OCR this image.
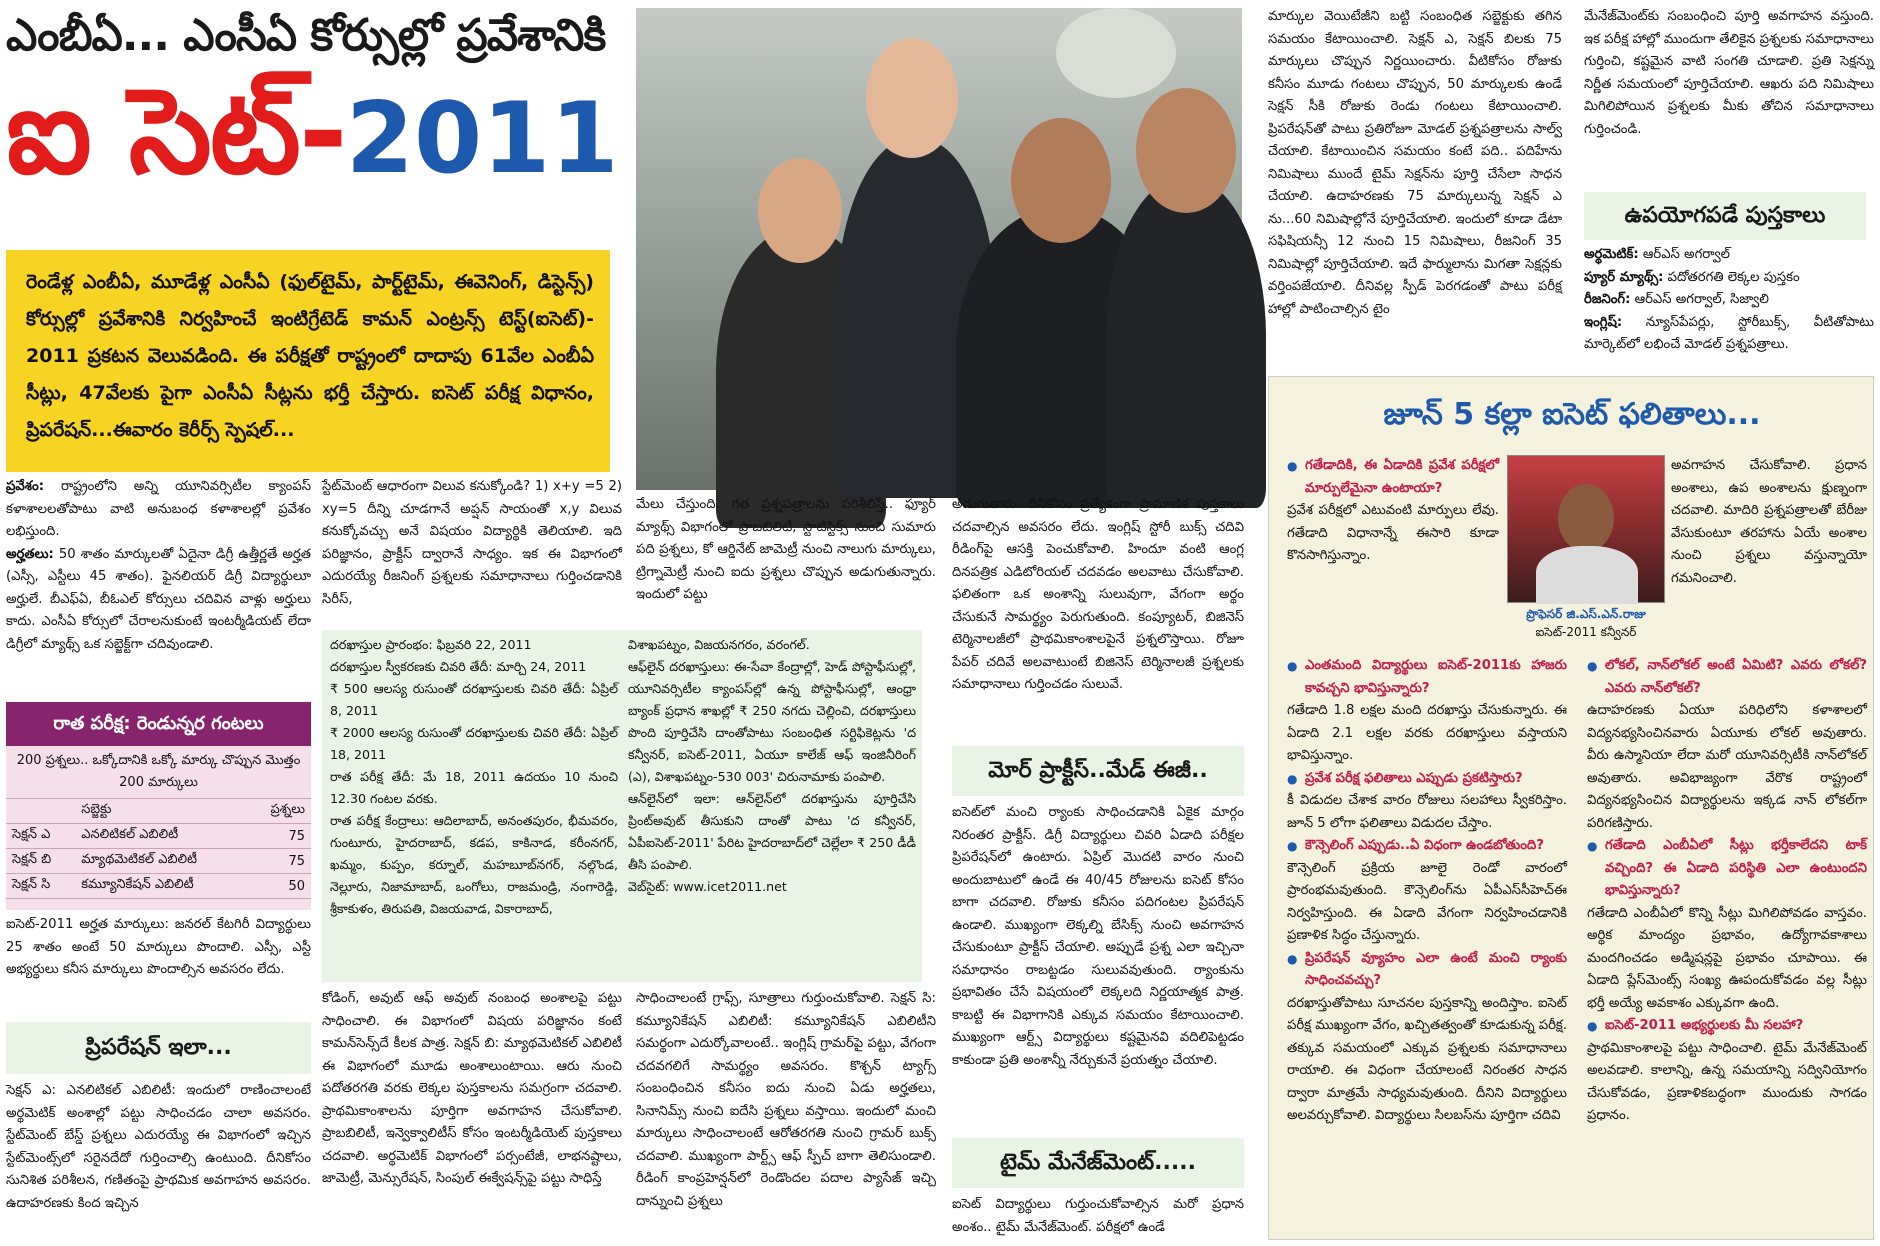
ఎంబీఏ... ఎంసీఏ కోర్సుల్లో ప్రవేశానికి
ఐ సెట్-2011
రెండేళ్ల ఎంబీఏ, మూడేళ్ల ఎంసీఏ (ఫుల్‌టైమ్, పార్ట్‌టైమ్, ఈవెనింగ్, డిస్టెన్స్) కోర్సుల్లో ప్రవేశానికి నిర్వహించే ఇంటిగ్రేటెడ్ కామన్ ఎంట్రన్స్ టెస్ట్(ఐసెట్)- 2011 ప్రకటన వెలువడింది. ఈ పరీక్షతో రాష్ట్రంలో దాదాపు 61వేల ఎంబీఏ సీట్లు, 47వేలకు పైగా ఎంసీఏ సీట్లను భర్తీ చేస్తారు. ఐసెట్ పరీక్ష విధానం, ప్రిపరేషన్...ఈవారం కెరీర్స్ స్పెషల్...

ప్రవేశం: రాష్ట్రంలోని అన్ని యూనివర్సిటీల క్యాంపస్ కళాశాలలతోపాటు వాటి అనుబంధ కళాశాలల్లో ప్రవేశం లభిస్తుంది.

అర్హతలు: 50 శాతం మార్కులతో ఏదైనా డిగ్రీ ఉత్తీర్ణతే అర్హత (ఎస్సీ, ఎస్టీలు 45 శాతం). ఫైనలియర్ డిగ్రీ విద్యార్థులూ అర్హులే. బీఎఫ్ఏ, బీఓఎల్ కోర్సులు చదివిన వాళ్లు అర్హులు కాదు. ఎంసీఏ కోర్సులో చేరాలనుకుంటే ఇంటర్మీడియట్ లేదా డిగ్రీలో మ్యాథ్స్ ఒక సబ్జెక్ట్‌గా చదివుండాలి.

రాత పరీక్ష: రెండున్నర గంటలు
200 ప్రశ్నలు.. ఒక్కోదానికి ఒక్కో మార్కు చొప్పున మొత్తం 200 మార్కులు
	సబ్జెక్టు	ప్రశ్నలు
సెక్షన్ ఎ	ఎనలిటికల్ ఎబిలిటీ	75
సెక్షన్ బి	మ్యాథమెటికల్ ఎబిలిటీ	75
సెక్షన్ సి	కమ్యూనికేషన్ ఎబిలిటీ	50
ఐసెట్-2011 అర్హత మార్కులు: జనరల్ కేటగిరీ విద్యార్థులు 25 శాతం అంటే 50 మార్కులు పొందాలి. ఎస్సీ, ఎస్టీ అభ్యర్థులు కనీస మార్కులు పొందాల్సిన అవసరం లేదు.
ప్రిపరేషన్ ఇలా...
సెక్షన్ ఎ: ఎనలిటికల్ ఎబిలిటీ: ఇందులో రాణించాలంటే అర్థమెటిక్ అంశాల్లో పట్టు సాధించడం చాలా అవసరం. స్టేట్‌మెంట్ బేస్డ్ ప్రశ్నలు ఎదురయ్యే ఈ విభాగంలో ఇచ్చిన స్టేట్‌మెంట్స్‌లో సరైనదేదో గుర్తించాల్సి ఉంటుంది. దీనికోసం సునిశిత పరిశీలన, గణితంపై ప్రాథమిక అవగాహన అవసరం. ఉదాహరణకు కింద ఇచ్చిన
స్టేట్‌మెంట్ ఆధారంగా విలువ కనుక్కోండి? 1) x+y =5 2) xy=5 దీన్ని చూడగానే అప్షన్ సాయంతో x,y విలువ కనుక్కోవచ్చు అనే విషయం విద్యార్థికి తెలియాలి. ఇది పరిజ్ఞానం, ప్రాక్టీస్ ద్వారానే సాధ్యం. ఇక ఈ విభాగంలో ఎదురయ్యే రీజనింగ్ ప్రశ్నలకు సమాధానాలు గుర్తించడానికి సిరీస్,
మేలు చేస్తుంది. గత ప్రశ్నపత్రాలను పరిశీలిస్తే.. ఫ్యూర్ మ్యాథ్స్ విభాగంలో ప్రాబబిలిటీ, స్టాటిస్టిక్స్ నుంచి సుమారు పది ప్రశ్నలు, కో ఆర్డినేట్ జామెట్రీ నుంచి నాలుగు మార్కులు, ట్రిగ్నామెట్రీ నుంచి ఐదు ప్రశ్నలు చొప్పున అడుగుతున్నారు. ఇందులో పట్టు

దరఖాస్తుల ప్రారంభం: ఫిబ్రవరి 22, 2011

దరఖాస్తుల స్వీకరణకు చివరి తేదీ: మార్చి 24, 2011

₹ 500 ఆలస్య రుసుంతో దరఖాస్తులకు చివరి తేదీ: ఏప్రిల్ 8, 2011

₹ 2000 ఆలస్య రుసుంతో దరఖాస్తులకు చివరి తేదీ: ఏప్రిల్ 18, 2011

రాత పరీక్ష తేదీ: మే 18, 2011 ఉదయం 10 నుంచి 12.30 గంటల వరకు.

రాత పరీక్ష కేంద్రాలు: ఆదిలాబాద్, అనంతపురం, భీమవరం, గుంటూరు, హైదరాబాద్, కడప, కాకినాడ, కరీంనగర్, ఖమ్మం, కుప్పం, కర్నూల్, మహబూబ్‌నగర్, నల్గొండ, నెల్లూరు, నిజామాబాద్, ఒంగోలు, రాజమండ్రి, నంగారెడ్డి, శ్రీకాకుళం, తిరుపతి, విజయవాడ, వికారాబాద్,

విశాఖపట్నం, విజయనగరం, వరంగల్.

ఆఫ్‌లైన్ దరఖాస్తులు: ఈ-సేవా కేంద్రాల్లో, హెడ్ పోస్టాఫీసుల్లో, యూనివర్సిటీల క్యాంపస్‌ల్లో ఉన్న పోస్టాఫీసుల్లో, ఆంధ్రా బ్యాంక్ ప్రధాన శాఖల్లో ₹ 250 నగదు చెల్లించి, దరఖాస్తులు పొంది పూర్తిచేసి దాంతోపాటు సంబంధిత సర్టిఫికెట్లను 'ద కన్వీనర్, ఐసెట్-2011, ఏయూ కాలేజ్ ఆఫ్ ఇంజినీరింగ్ (ఎ), విశాఖపట్నం-530 003' చిరునామాకు పంపాలి.

ఆన్‌లైన్‌లో ఇలా: ఆన్‌లైన్‌లో దరఖాస్తును పూర్తిచేసి ప్రింట్‌అవుట్ తీసుకుని దాంతో పాటు 'ద కన్వీనర్, ఏపీఐసెట్-2011' పేరిట హైదరాబాద్‌లో చెల్లేలా ₹ 250 డీడీ తీసి పంపాలి.

వెబ్‌సైట్: www.icet2011.net

కోడింగ్, అవుట్ ఆఫ్ అవుట్ నంబంధ అంశాలపై పట్టు సాధించాలి. ఈ విభాగంలో విషయ పరిజ్ఞానం కంటే కామన్‌సెన్స్‌దే కీలక పాత్ర. సెక్షన్ బి: మ్యాథమెటికల్ ఎబిలిటీ ఈ విభాగంలో మూడు అంశాలుంటాయి. ఆరు నుంచి పదోతరగతి వరకు లెక్కల పుస్తకాలను సమగ్రంగా చదవాలి. ప్రాథమికాంశాలను పూర్తిగా అవగాహన చేసుకోవాలి. ప్రాబబిలిటీ, ఇన్వెక్వాలిటీస్ కోసం ఇంటర్మీడియెట్ పుస్తకాలు చదవాలి. అర్థమెటిక్ విభాగంలో పర్సంటేజీ, లాభనష్టాలు, జామెట్రీ, మెన్సురేషన్, సింపుల్ ఈక్వేషన్స్‌పై పట్టు సాధిస్తే
సాధించాలంటే గ్రాఫ్స్, సూత్రాలు గుర్తుంచుకోవాలి. సెక్షన్ సి: కమ్యూనికేషన్ ఎబిలిటీ: కమ్యూనికేషన్ ఎబిలిటీని సమర్థంగా ఎదుర్కోవాలంటే.. ఇంగ్లిష్ గ్రామర్‌పై పట్టు, వేగంగా చదవగలిగే సామర్థ్యం అవసరం. కొశ్చన్ ట్యాగ్స్ సంబంధించిన కనీసం ఐదు నుంచి ఏడు అర్హతలు, సినానిమ్స్ నుంచి ఐదేసి ప్రశ్నలు వస్తాయి. ఇందులో మంచి మార్కులు సాధించాలంటే ఆరోతరగతి నుంచి గ్రామర్ బుక్స్ చదవాలి. ముఖ్యంగా పార్ట్స్ ఆఫ్ స్పీచ్ బాగా తెలిసుండాలి. రీడింగ్ కాంప్రహెన్షన్‌లో రెండొందల పదాల ప్యాసేజ్ ఇచ్చి దాన్నుంచి ప్రశ్నలు
అడుగుతారు. దీనికోసం ప్రత్యేకంగా ప్రామాణిక పుస్తకాలు చదవాల్సిన అవసరం లేదు. ఇంగ్లిష్ స్టోరీ బుక్స్ చదివి రీడింగ్‌పై ఆసక్తి పెంచుకోవాలి. హిందూ వంటి ఆంగ్ల దినపత్రిక ఎడిటోరియల్ చదవడం అలవాటు చేసుకోవాలి. ఫలితంగా ఒక అంశాన్ని సులువుగా, వేగంగా అర్థం చేసుకునే సామర్థ్యం పెరుగుతుంది. కంప్యూటర్, బిజినెస్ టెర్మినాలజీలో ప్రాథమికాంశాలపైనే ప్రశ్నలొస్తాయి. రోజూ పేపర్ చదివే అలవాటుంటే బిజినెస్ టెర్మినాలజీ ప్రశ్నలకు సమాధానాలు గుర్తించడం సులువే.
మోర్ ప్రాక్టీస్..మేడ్ ఈజీ..
ఐసెట్‌లో మంచి ర్యాంకు సాధించడానికి ఏకైక మార్గం నిరంతర ప్రాక్టీస్. డిగ్రీ విద్యార్థులు చివరి ఏడాది పరీక్షల ప్రిపరేషన్‌లో ఉంటారు. ఏప్రిల్ మొదటి వారం నుంచి అందుబాటులో ఉండే ఈ 40/45 రోజులను ఐసెట్ కోసం బాగా చదవాలి. రోజుకు కనీసం పదిగంటల ప్రిపరేషన్ ఉండాలి. ముఖ్యంగా లెక్కల్ని బేసిక్స్ నుంచి అవగాహన చేసుకుంటూ ప్రాక్టీస్ చేయాలి. అప్పుడే ప్రశ్న ఎలా ఇచ్చినా సమాధానం రాబట్టడం సులువవుతుంది. ర్యాంకును ప్రభావితం చేసే విషయంలో లెక్కలది నిర్ణయాత్మక పాత్ర. కాబట్టి ఈ విభాగానికి ఎక్కువ సమయం కేటాయించాలి. ముఖ్యంగా ఆర్ట్స్ విద్యార్థులు కష్టమైనవి వదిలిపెట్టడం కాకుండా ప్రతి అంశాన్నీ నేర్చుకునే ప్రయత్నం చేయాలి.
టైమ్ మేనేజ్‌మెంట్.....
ఐసెట్ విద్యార్థులు గుర్తుంచుకోవాల్సిన మరో ప్రధాన అంశం.. టైమ్ మేనేజ్‌మెంట్. పరీక్షలో ఉండే
మార్కుల వెయిటేజీని బట్టి సంబంధిత సబ్జెక్టుకు తగిన సమయం కేటాయించాలి. సెక్షన్ ఎ, సెక్షన్ బిలకు 75 మార్కులు చొప్పున నిర్ణయించారు. వీటికోసం రోజుకు కనీసం మూడు గంటలు చొప్పున, 50 మార్కులకు ఉండే సెక్షన్ సీకి రోజుకు రెండు గంటలు కేటాయించాలి. ప్రిపరేషన్‌తో పాటు ప్రతిరోజూ మోడల్ ప్రశ్నపత్రాలను సాల్వ్ చేయాలి. కేటాయించిన సమయం కంటే పది.. పదిహేను నిమిషాలు ముందే టైమ్ సెక్షన్‌ను పూర్తి చేసేలా సాధన చేయాలి. ఉదాహరణకు 75 మార్కులున్న సెక్షన్ ఎ ను...60 నిమిషాల్లోనే పూర్తిచేయాలి. ఇందులో కూడా డేటా సఫిషియన్సీ 12 నుంచి 15 నిమిషాలు, రీజనింగ్ 35 నిమిషాల్లో పూర్తిచేయాలి. ఇదే ఫార్ములాను మిగతా సెక్షన్లకు వర్తింపజేయాలి. దీనివల్ల స్పీడ్ పెరగడంతో పాటు పరీక్ష హాల్లో పాటించాల్సిన టైం
మేనేజ్‌మెంట్‌కు సంబంధించి పూర్తి అవగాహన వస్తుంది. ఇక పరీక్ష హాల్లో ముందుగా తేలికైన ప్రశ్నలకు సమాధానాలు గుర్తించి, కష్టమైన వాటి సంగతి చూడాలి. ప్రతి సెక్షన్ను నిర్ణీత సమయంలో పూర్తిచేయాలి. ఆఖరు పది నిమిషాలు మిగిలిపోయిన ప్రశ్నలకు మీకు తోచిన సమాధానాలు గుర్తించండి.
ఉపయోగపడే పుస్తకాలు

అర్థమెటిక్: ఆర్ఎస్ అగర్వాల్

ప్యూర్ మ్యాథ్స్: పదోతరగతి లెక్కల పుస్తకం

రీజనింగ్: ఆర్ఎస్ అగర్వాల్, సిజ్వాలి

ఇంగ్లిష్: న్యూస్‌పేపర్లు, స్టోరీబుక్స్, వీటితోపాటు మార్కెట్‌లో లభించే మోడల్ ప్రశ్నపత్రాలు.

జూన్ 5 కల్లా ఐసెట్ ఫలితాలు...

● గతేడాదికి, ఈ ఏడాదికి ప్రవేశ పరీక్షలో మార్పులేమైనా ఉంటాయా?

ప్రవేశ పరీక్షలో ఎటువంటి మార్పులు లేవు. గతేడాది విధానాన్నే ఈసారి కూడా కొనసాగిస్తున్నాం.

ప్రొఫెసర్ జి.ఎస్.ఎన్.రాజు
ఐసెట్-2011 కన్వీనర్

● ఎంతమంది విద్యార్థులు ఐసెట్-2011కు హాజరు కావచ్చని భావిస్తున్నారు?

గతేడాది 1.8 లక్షల మంది దరఖాస్తు చేసుకున్నారు. ఈ ఏడాది 2.1 లక్షల వరకు దరఖాస్తులు వస్తాయని భావిస్తున్నాం.

● ప్రవేశ పరీక్ష ఫలితాలు ఎప్పుడు ప్రకటిస్తారు?

కీ విడుదల చేశాక వారం రోజులు సలహాలు స్వీకరిస్తాం. జూన్ 5 లోగా ఫలితాలు విడుదల చేస్తాం.

● కౌన్సెలింగ్ ఎప్పుడు..ఏ విధంగా ఉండబోతుంది?

కౌన్సెలింగ్ ప్రక్రియ జూలై రెండో వారంలో ప్రారంభమవుతుంది. కౌన్సెలింగ్‌ను ఏపీఎస్‌సీహెచ్‌ఈ నిర్వహిస్తుంది. ఈ ఏడాది వేగంగా నిర్వహించడానికి ప్రణాళిక సిద్ధం చేస్తున్నారు.

● ప్రిపరేషన్ వ్యూహం ఎలా ఉంటే మంచి ర్యాంకు సాధించవచ్చు?

దరఖాస్తుతోపాటు సూచనల పుస్తకాన్ని అందిస్తాం. ఐసెట్ పరీక్ష ముఖ్యంగా వేగం, ఖచ్చితత్వంతో కూడుకున్న పరీక్ష. తక్కువ సమయంలో ఎక్కువ ప్రశ్నలకు సమాధానాలు రాయాలి. ఈ విధంగా చేయాలంటే నిరంతర సాధన ద్వారా మాత్రమే సాధ్యమవుతుంది. దీనిని విద్యార్థులు అలవర్చుకోవాలి. విద్యార్థులు సిలబస్‌ను పూర్తిగా చదివి

అవగాహన చేసుకోవాలి. ప్రధాన అంశాలు, ఉప అంశాలను క్షుణ్నంగా చదవాలి. మాదిరి ప్రశ్నపత్రాలతో బేరీజు వేసుకుంటూ తరహాను ఏయే అంశాల నుంచి ప్రశ్నలు వస్తున్నాయో గమనించాలి.

● లోకల్, నాన్‌లోకల్ అంటే ఏమిటి? ఎవరు లోకల్? ఎవరు నాన్‌లోకల్?

ఉదాహరణకు ఏయూ పరిధిలోని కళాశాలలో విద్యనభ్యసించినవారు ఏయూకు లోకల్ అవుతారు. వీరు ఉస్మానియా లేదా మరో యూనివర్సిటీకి నాన్‌లోకల్ అవుతారు. అవిభాజ్యంగా వేరొక రాష్ట్రంలో విద్యనభ్యసించిన విద్యార్థులను ఇక్కడ నాన్ లోకల్‌గా పరిగణిస్తారు.

● గతేడాది ఎంబీఏలో సీట్లు భర్తీకాలేదని టాక్ వచ్చింది? ఈ ఏడాది పరిస్థితి ఎలా ఉంటుందని భావిస్తున్నారు?

గతేడాది ఎంబీఏలో కొన్ని సీట్లు మిగిలిపోవడం వాస్తవం. అర్థిక మాంద్యం ప్రభావం, ఉద్యోగావకాశాలు మందగించడం అడ్మిషన్లపై ప్రభావం చూపాయి. ఈ ఏడాది ప్లేస్‌మెంట్స్ సంఖ్య ఊపందుకోవడం వల్ల సీట్లు భర్తీ అయ్యే అవకాశం ఎక్కువగా ఉంది.

● ఐసెట్-2011 అభ్యర్థులకు మీ సలహా?

ప్రాథమికాంశాలపై పట్టు సాధించాలి. టైమ్ మేనేజ్‌మెంట్ అలవడాలి. కాలాన్ని, ఉన్న సమయాన్ని సద్వినియోగం చేసుకోవడం, ప్రణాళికబద్ధంగా ముందుకు సాగడం ప్రధానం.
